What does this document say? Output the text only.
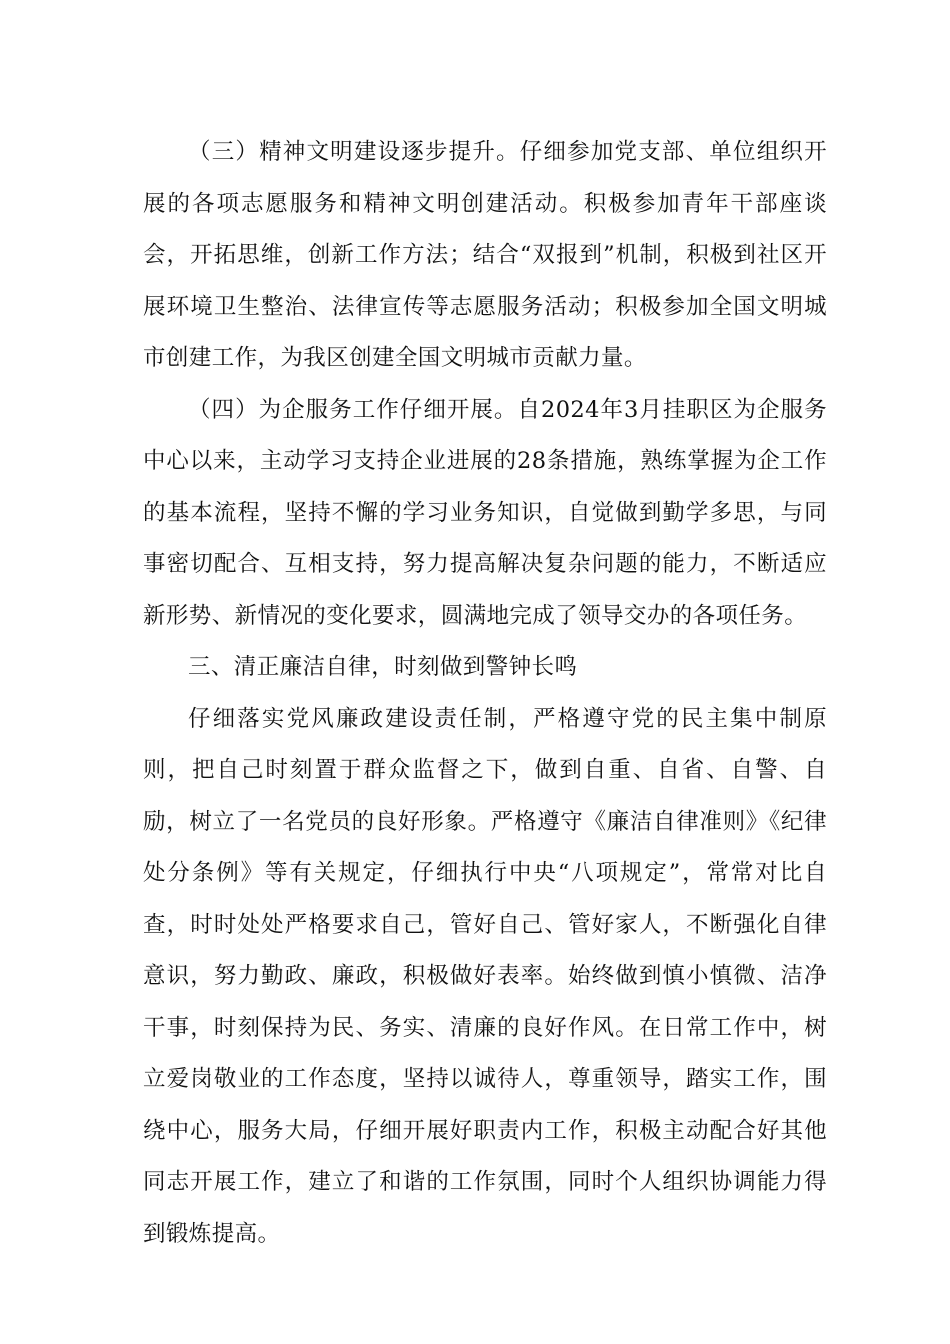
（三）精神文明建设逐步提升。仔细参加党支部、单位组织开展的各项志愿服务和精神文明创建活动。积极参加青年干部座谈会，开拓思维，创新工作方法；结合“双报到”机制，积极到社区开展环境卫生整治、法律宣传等志愿服务活动；积极参加全国文明城市创建工作，为我区创建全国文明城市贡献力量。

（四）为企服务工作仔细开展。自2024年3月挂职区为企服务中心以来，主动学习支持企业进展的28条措施，熟练掌握为企工作的基本流程，坚持不懈的学习业务知识，自觉做到勤学多思，与同事密切配合、互相支持，努力提高解决复杂问题的能力，不断适应新形势、新情况的变化要求，圆满地完成了领导交办的各项任务。

三、清正廉洁自律，时刻做到警钟长鸣

仔细落实党风廉政建设责任制，严格遵守党的民主集中制原则，把自己时刻置于群众监督之下，做到自重、自省、自警、自励，树立了一名党员的良好形象。严格遵守《廉洁自律准则》《纪律处分条例》等有关规定，仔细执行中央“八项规定”，常常对比自查，时时处处严格要求自己，管好自己、管好家人，不断强化自律意识，努力勤政、廉政，积极做好表率。始终做到慎小慎微、洁净干事，时刻保持为民、务实、清廉的良好作风。在日常工作中，树立爱岗敬业的工作态度，坚持以诚待人，尊重领导，踏实工作，围绕中心，服务大局，仔细开展好职责内工作，积极主动配合好其他同志开展工作，建立了和谐的工作氛围，同时个人组织协调能力得到锻炼提高。
